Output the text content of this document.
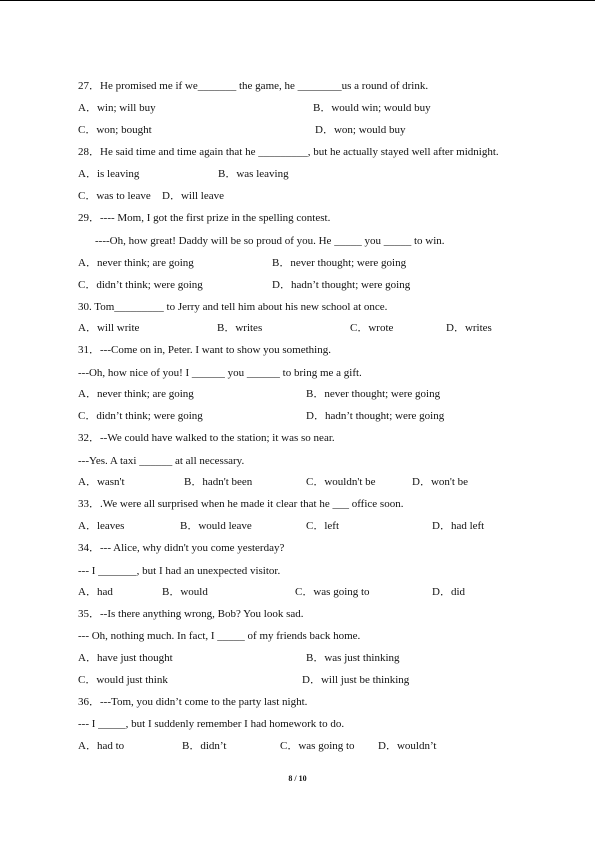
27．He promised me if we_______ the game, he ________us a round of drink.
A．win; will buy	B．would win; would buy
C．won; bought	D．won; would buy
28．He said time and time again that he _________, but he actually stayed well after midnight.
A．is leaving	B．was leaving
C．was to leave D．will leave
29．---- Mom, I got the first prize in the spelling contest.
----Oh, how great! Daddy will be so proud of you. He _____ you _____ to win.
A．never think; are going	B．never thought; were going
C．didn’t think; were going	D．hadn’t thought; were going
30. Tom_________ to Jerry and tell him about his new school at once.
A．will write	B．writes	C．wrote	D．writes
31．---Come on in, Peter. I want to show you something.
---Oh, how nice of you! I ______ you ______ to bring me a gift.
A．never think; are going	B．never thought; were going
C．didn’t think; were going	D．hadn’t thought; were going
32．--We could have walked to the station; it was so near.
---Yes. A taxi ______ at all necessary.
A．wasn't	B．hadn't been	C．wouldn't be	D．won't be
33．.We were all surprised when he made it clear that he ___ office soon.
A．leaves	B．would leave	C．left	D．had left
34．--- Alice, why didn't you come yesterday?
--- I _______, but I had an unexpected visitor.
A．had	B．would	C．was going to	D．did
35．--Is there anything wrong, Bob? You look sad.
--- Oh, nothing much. In fact, I _____ of my friends back home.
A．have just thought	B．was just thinking
C．would just think	D．will just be thinking
36．---Tom, you didn’t come to the party last night.
--- I _____, but I suddenly remember I had homework to do.
A．had to	B．didn’t	C．was going to D．wouldn’t
8 / 10
